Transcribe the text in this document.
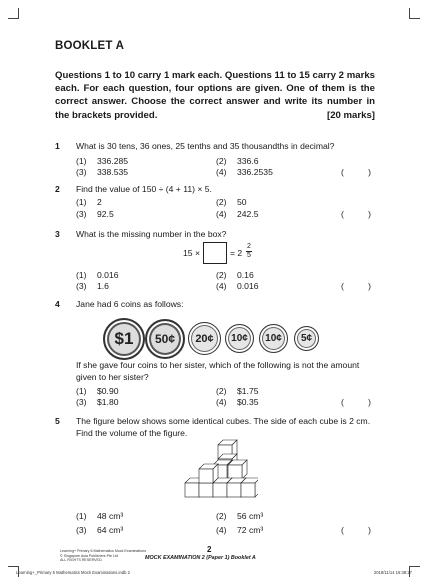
BOOKLET A
Questions 1 to 10 carry 1 mark each. Questions 11 to 15 carry 2 marks each. For each question, four options are given. One of them is the correct answer. Choose the correct answer and write its number in the brackets provided.	[20 marks]
1 What is 30 tens, 36 ones, 25 tenths and 35 thousandths in decimal?
(1) 336.285	(2) 336.6
(3) 338.535	(4) 336.2535	(	)
2 Find the value of 150 ÷ (4 + 11) × 5.
(1) 2	(2) 50
(3) 92.5	(4) 242.5	(	)
3 What is the missing number in the box?
15 ×	= $2 \frac{2}{5}$
(1) 0.016	(2) 0.16
(3) 1.6	(4) 0.016	(	)
4 Jane had 6 coins as follows:
$1	50¢	20¢	10¢	10¢	5¢
If she gave four coins to her sister, which of the following is not the amount given to her sister?
(1) $0.90	(2) $1.75
(3) $1.80	(4) $0.35	(	)
5 The figure below shows some identical cubes. The side of each cube is 2 cm. Find the volume of the figure.
(1) 48 cm³	(2) 56 cm³
(3) 64 cm³	(4) 72 cm³	(	)
Learning+ Primary 6 Mathematics Mock Examinations
© Singapore Asia Publishers Pte Ltd
ALL RIGHTS RESERVED.
2
MOCK EXAMINATION 2 (Paper 1) Booklet A
Learning+_Primary 6 Mathematics Mock Examinations.indb 2	2018/11/14 16:38:27
